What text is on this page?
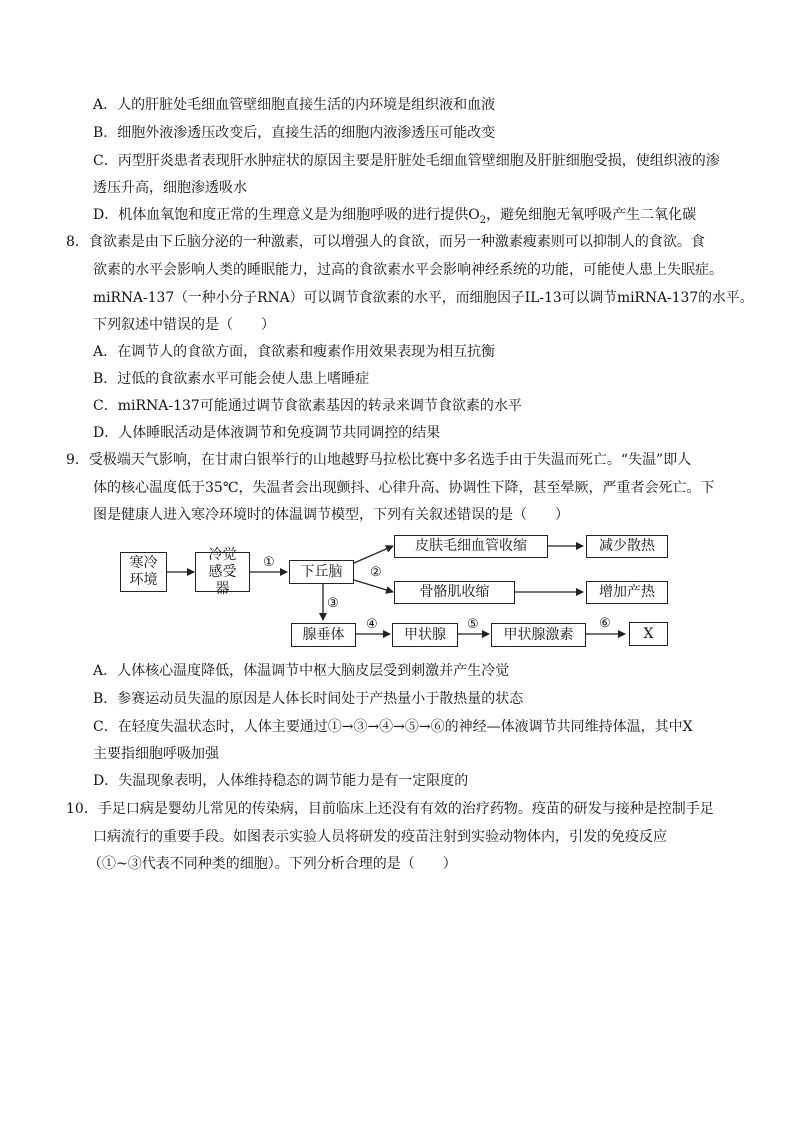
A．人的肝脏处毛细血管壁细胞直接生活的内环境是组织液和血液
B．细胞外液渗透压改变后，直接生活的细胞内液渗透压可能改变
C．丙型肝炎患者表现肝水肿症状的原因主要是肝脏处毛细血管壁细胞及肝脏细胞受损，使组织液的渗
透压升高，细胞渗透吸水
D．机体血氧饱和度正常的生理意义是为细胞呼吸的进行提供$O_2$，避免细胞无氧呼吸产生二氧化碳
8．食欲素是由下丘脑分泌的一种激素，可以增强人的食欲，而另一种激素瘦素则可以抑制人的食欲。食
欲素的水平会影响人类的睡眠能力，过高的食欲素水平会影响神经系统的功能，可能使人患上失眠症。
miRNA-137（一种小分子RNA）可以调节食欲素的水平，而细胞因子IL-13可以调节miRNA-137的水平。
下列叙述中错误的是（　　）
A．在调节人的食欲方面，食欲素和瘦素作用效果表现为相互抗衡
B．过低的食欲素水平可能会使人患上嗜睡症
C．miRNA-137可能通过调节食欲素基因的转录来调节食欲素的水平
D．人体睡眠活动是体液调节和免疫调节共同调控的结果
9．受极端天气影响，在甘肃白银举行的山地越野马拉松比赛中多名选手由于失温而死亡。“失温”即人
体的核心温度低于35℃，失温者会出现颤抖、心律升高、协调性下降，甚至晕厥，严重者会死亡。下
图是健康人进入寒冷环境时的体温调节模型，下列有关叙述错误的是（　　）
寒冷环境
冷觉感受器
下丘脑
皮肤毛细血管收缩
骨骼肌收缩
减少散热
增加产热
腺垂体	甲状腺	甲状腺激素	X
①
②
③
④	⑤	⑥
A．人体核心温度降低，体温调节中枢大脑皮层受到刺激并产生冷觉
B．参赛运动员失温的原因是人体长时间处于产热量小于散热量的状态
C．在轻度失温状态时，人体主要通过①→③→④→⑤→⑥的神经—体液调节共同维持体温，其中X
主要指细胞呼吸加强
D．失温现象表明，人体维持稳态的调节能力是有一定限度的
10．手足口病是婴幼儿常见的传染病，目前临床上还没有有效的治疗药物。疫苗的研发与接种是控制手足
口病流行的重要手段。如图表示实验人员将研发的疫苗注射到实验动物体内，引发的免疫反应
（①~③代表不同种类的细胞）。下列分析合理的是（　　）
